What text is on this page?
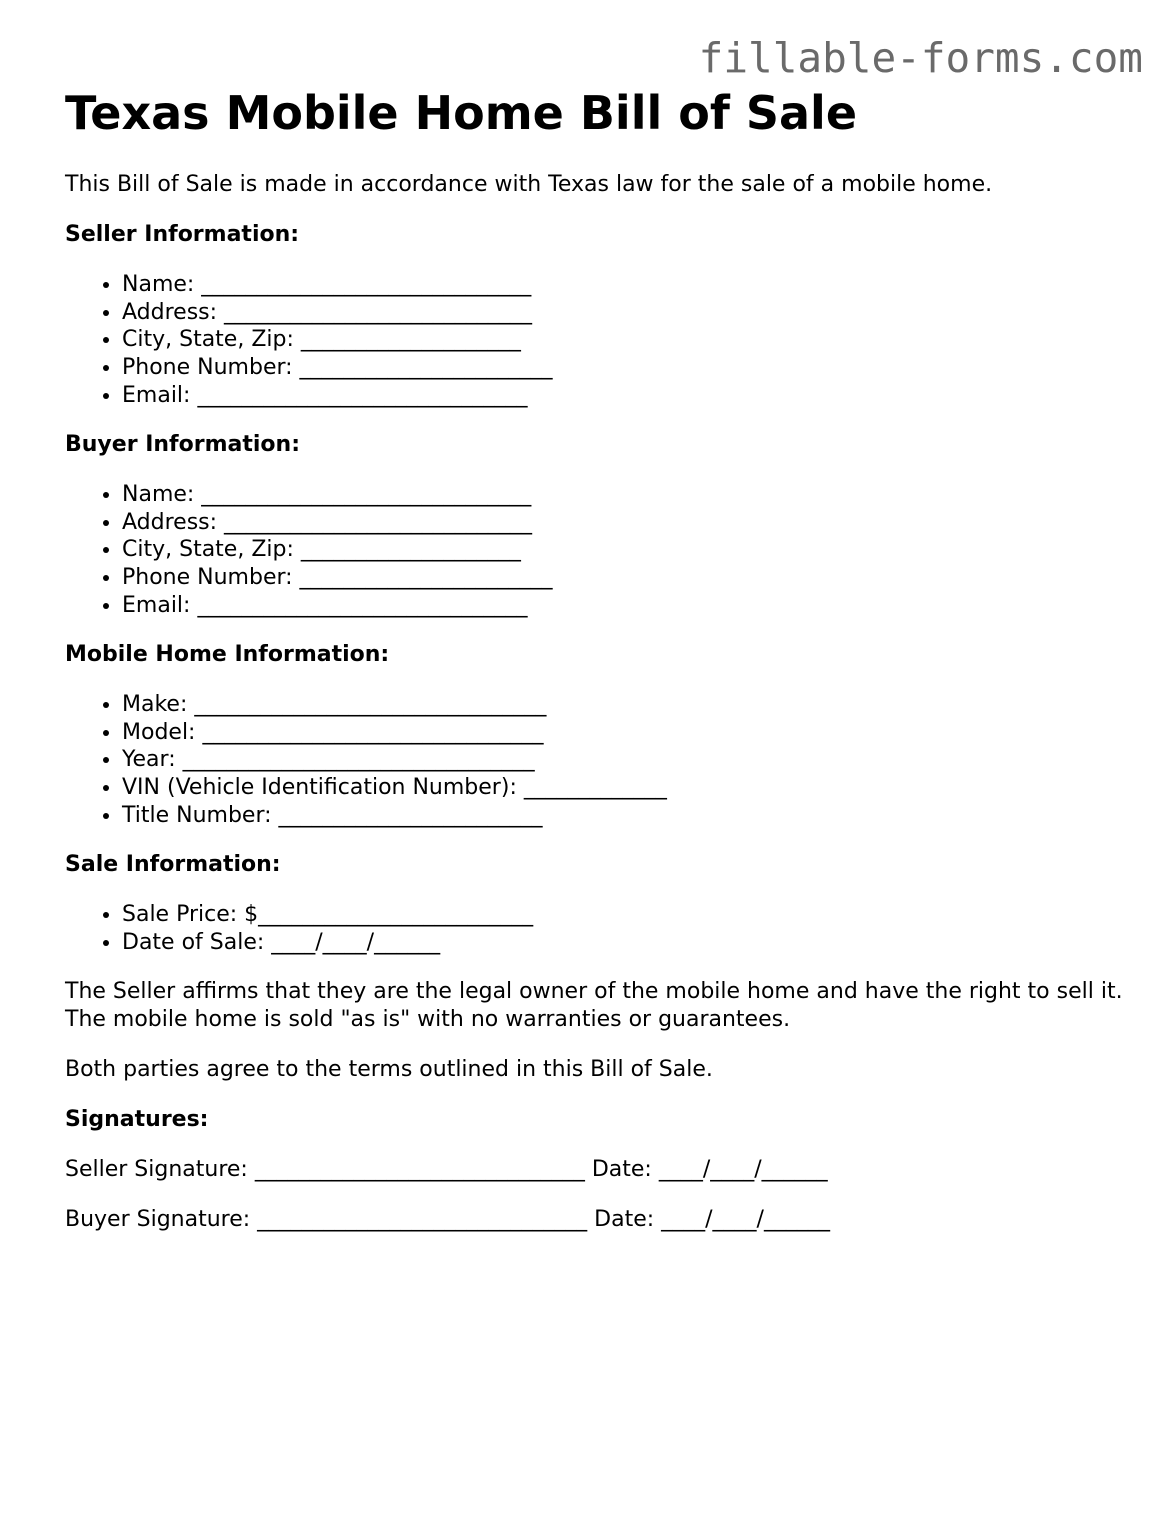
fillable-forms.com
Texas Mobile Home Bill of Sale

This Bill of Sale is made in accordance with Texas law for the sale of a mobile home.

Seller Information:

• Name: ______________________________
• Address: ____________________________
• City, State, Zip: ____________________
• Phone Number: _______________________
• Email: ______________________________

Buyer Information:

• Name: ______________________________
• Address: ____________________________
• City, State, Zip: ____________________
• Phone Number: _______________________
• Email: ______________________________

Mobile Home Information:

• Make: ________________________________
• Model: _______________________________
• Year: ________________________________
• VIN (Vehicle Identification Number): _____________
• Title Number: ________________________

Sale Information:

• Sale Price: $_________________________
• Date of Sale: ____/____/______

The Seller affirms that they are the legal owner of the mobile home and have the right to sell it. The mobile home is sold "as is" with no warranties or guarantees.

Both parties agree to the terms outlined in this Bill of Sale.

Signatures:

Seller Signature: ______________________________ Date: ____/____/______

Buyer Signature: ______________________________ Date: ____/____/______
